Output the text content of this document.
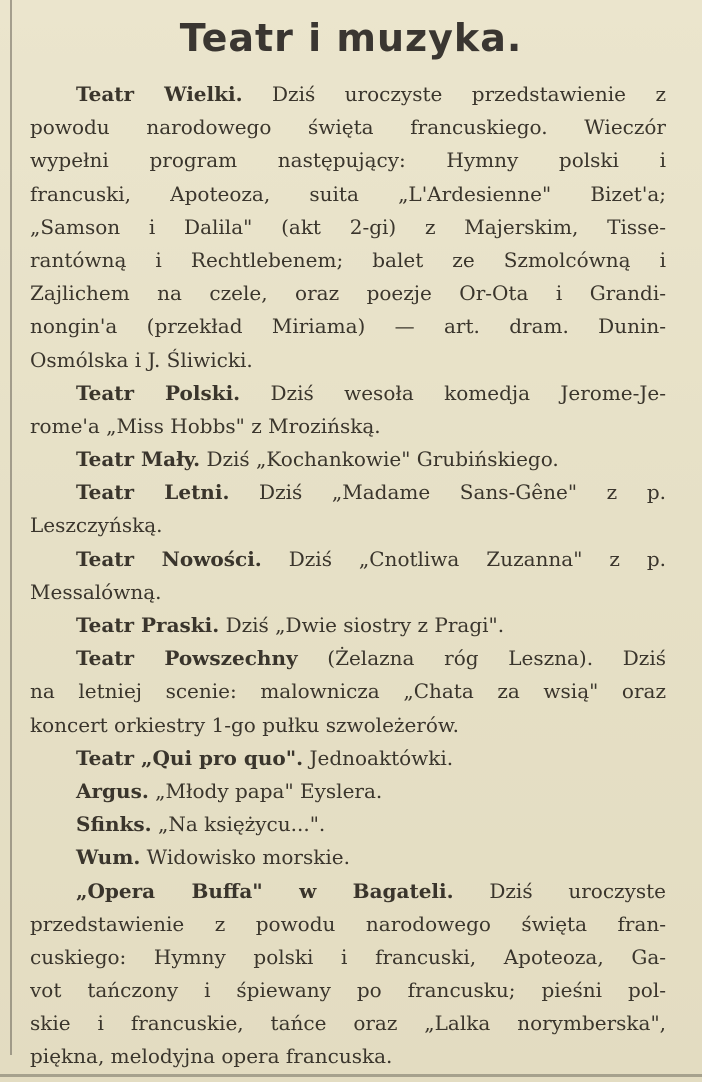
Teatr i muzyka.
Teatr Wielki. Dziś uroczyste przedstawienie z
powodu narodowego święta francuskiego. Wieczór
wypełni program następujący: Hymny polski i
francuski, Apoteoza, suita „L'Ardesienne" Bizet'a;
„Samson i Dalila" (akt 2-gi) z Majerskim, Tisse-
rantówną i Rechtlebenem; balet ze Szmolcówną i
Zajlichem na czele, oraz poezje Or-Ota i Grandi-
nongin'a (przekład Miriama) — art. dram. Dunin-
Osmólska i J. Śliwicki.
Teatr Polski. Dziś wesoła komedja Jerome-Je-
rome'a „Miss Hobbs" z Mrozińską.
Teatr Mały. Dziś „Kochankowie" Grubińskiego.
Teatr Letni. Dziś „Madame Sans-Gêne" z p.
Leszczyńską.
Teatr Nowości. Dziś „Cnotliwa Zuzanna" z p.
Messalówną.
Teatr Praski. Dziś „Dwie siostry z Pragi".
Teatr Powszechny (Żelazna róg Leszna). Dziś
na letniej scenie: malownicza „Chata za wsią" oraz
koncert orkiestry 1-go pułku szwoleżerów.
Teatr „Qui pro quo". Jednoaktówki.
Argus. „Młody papa" Eyslera.
Sfinks. „Na księżycu...".
Wum. Widowisko morskie.
„Opera Buffa" w Bagateli. Dziś uroczyste
przedstawienie z powodu narodowego święta fran-
cuskiego: Hymny polski i francuski, Apoteoza, Ga-
vot tańczony i śpiewany po francusku; pieśni pol-
skie i francuskie, tańce oraz „Lalka norymberska",
piękna, melodyjna opera francuska.
